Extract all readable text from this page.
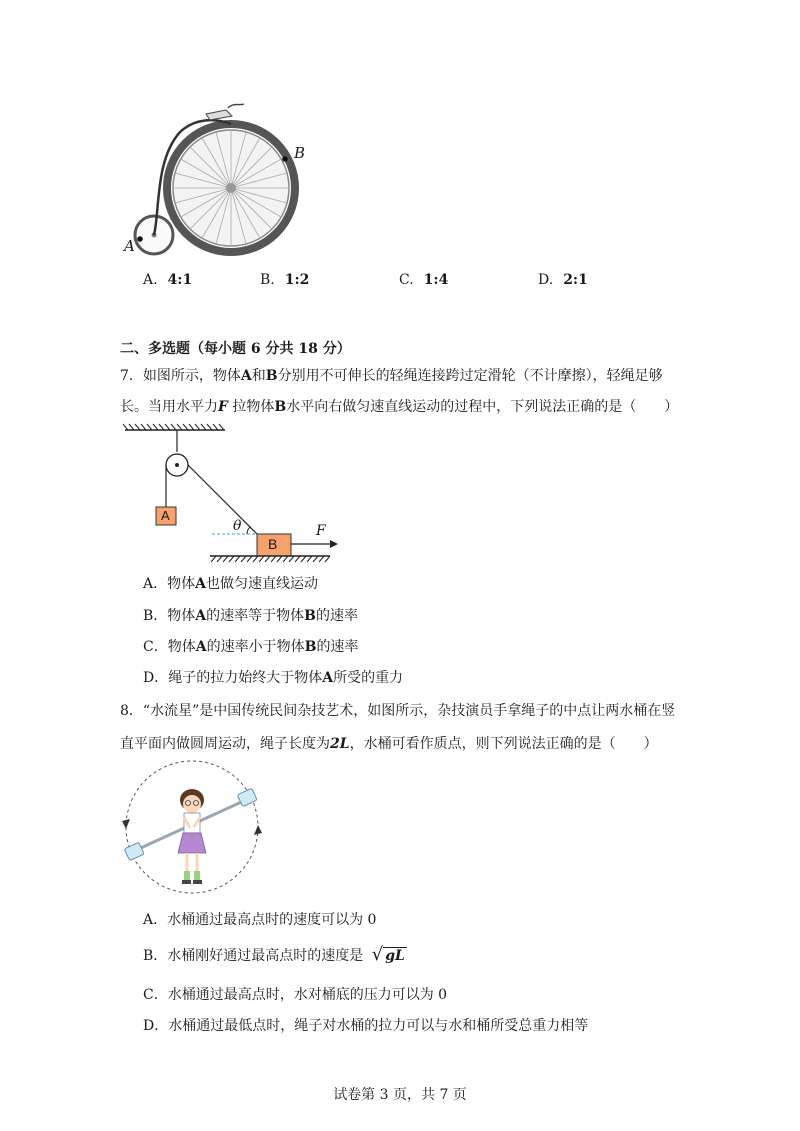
B
A
A. 4:1	B. 1:2	C. 1:4	D. 2:1
二、多选题（每小题 6 分共 18 分）
7．如图所示，物体A和B分别用不可伸长的轻绳连接跨过定滑轮（不计摩擦），轻绳足够
长。当用水平力F 拉物体B水平向右做匀速直线运动的过程中，下列说法正确的是（　　）
A
B
θ	F
A．物体A也做匀速直线运动
B．物体A的速率等于物体B的速率
C．物体A的速率小于物体B的速率
D．绳子的拉力始终大于物体A所受的重力
8．“水流星”是中国传统民间杂技艺术，如图所示，杂技演员手拿绳子的中点让两水桶在竖
直平面内做圆周运动，绳子长度为2L，水桶可看作质点，则下列说法正确的是（　　）
A．水桶通过最高点时的速度可以为 0
B．水桶刚好通过最高点时的速度是 √ gL
C．水桶通过最高点时，水对桶底的压力可以为 0
D．水桶通过最低点时，绳子对水桶的拉力可以与水和桶所受总重力相等
试卷第 3 页，共 7 页
